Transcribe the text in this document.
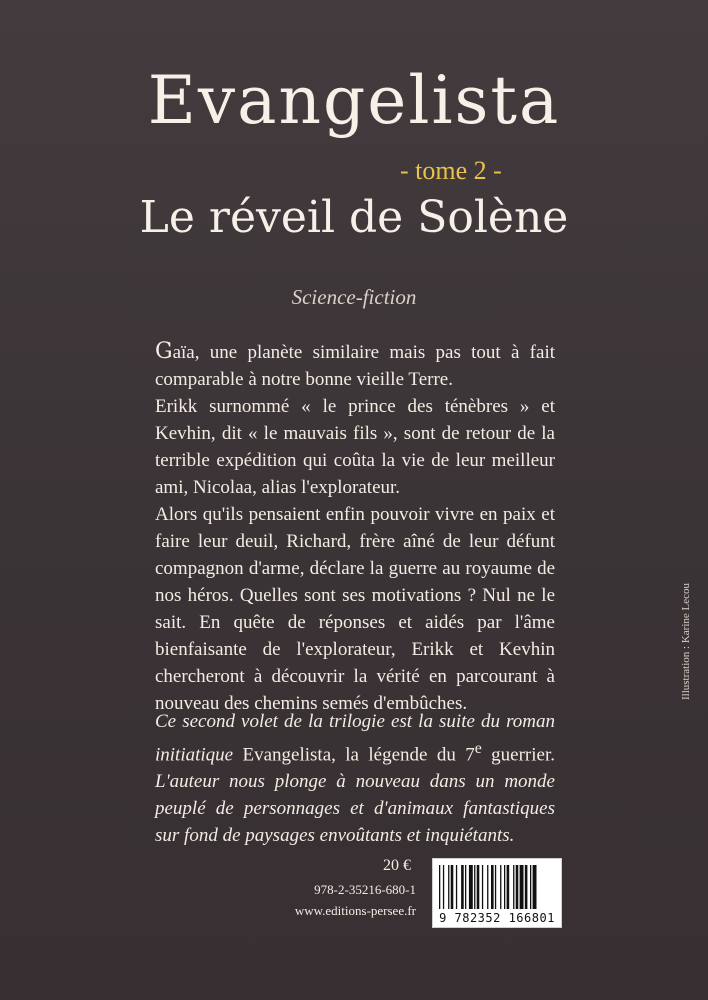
Evangelista
- tome 2 -
Le réveil de Solène
Science-fiction

Gaïa, une planète similaire mais pas tout à fait comparable à notre bonne vieille Terre.

Erikk surnommé « le prince des ténèbres » et Kevhin, dit « le mauvais fils », sont de retour de la terrible expédition qui coûta la vie de leur meilleur ami, Nicolaa, alias l'explorateur.

Alors qu'ils pensaient enfin pouvoir vivre en paix et faire leur deuil, Richard, frère aîné de leur défunt compagnon d'arme, déclare la guerre au royaume de nos héros. Quelles sont ses motivations ? Nul ne le sait. En quête de réponses et aidés par l'âme bienfaisante de l'explorateur, Erikk et Kevhin chercheront à découvrir la vérité en parcourant à nouveau des chemins semés d'embûches.

Ce second volet de la trilogie est la suite du roman initiatique Evangelista, la légende du 7e guerrier. L'auteur nous plonge à nouveau dans un monde peuplé de personnages et d'animaux fantastiques sur fond de paysages envoûtants et inquiétants.

20 €
978-2-35216-680-1
www.editions-persee.fr	9 782352 166801
Illustration : Karine Lecou
